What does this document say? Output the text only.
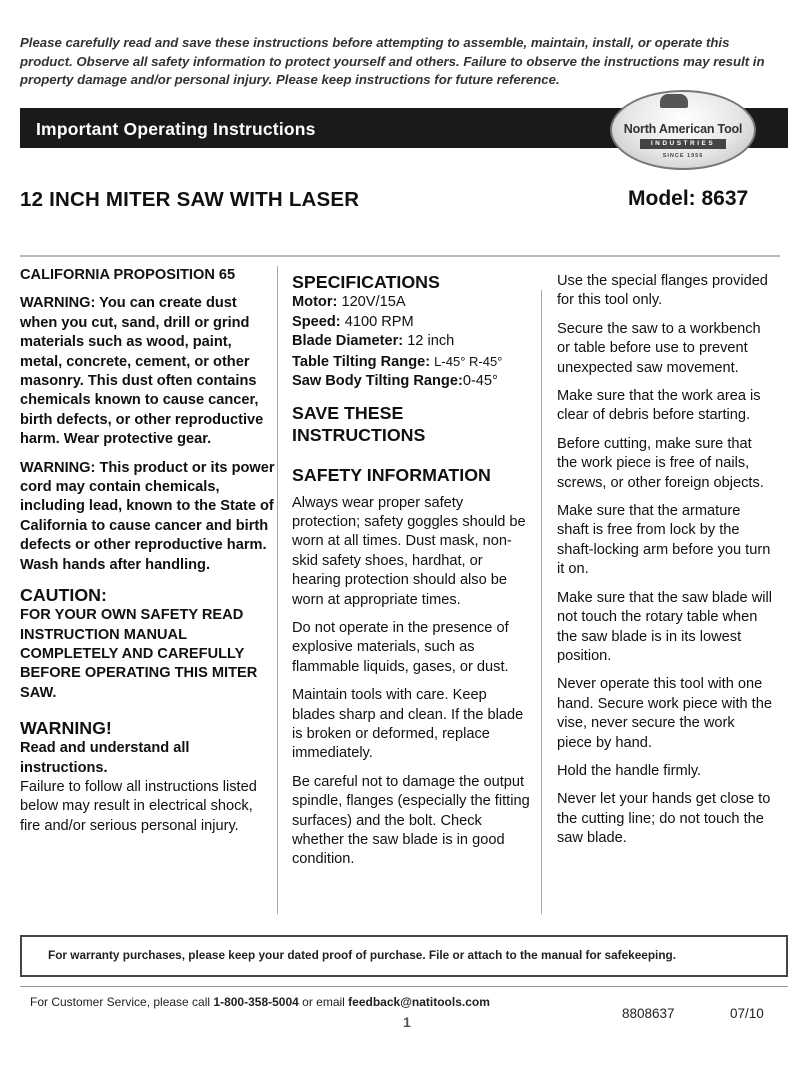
Please carefully read and save these instructions before attempting to assemble, maintain, install, or operate this product. Observe all safety information to protect yourself and others. Failure to observe the instructions may result in property damage and/or personal injury. Please keep instructions for future reference.
Important Operating Instructions	North American Tool
INDUSTRIES
SINCE 1956
12 INCH MITER SAW WITH LASER	Model: 8637

CALIFORNIA PROPOSITION 65

WARNING: You can create dust when you cut, sand, drill or grind materials such as wood, paint, metal, concrete, cement, or other masonry. This dust often contains chemicals known to cause cancer, birth defects, or other reproductive harm. Wear protective gear.

WARNING: This product or its power cord may contain chemicals, including lead, known to the State of California to cause cancer and birth defects or other reproductive harm. Wash hands after handling.

CAUTION:

FOR YOUR OWN SAFETY READ INSTRUCTION MANUAL COMPLETELY AND CAREFULLY BEFORE OPERATING THIS MITER SAW.

WARNING!
Read and understand all instructions.
Failure to follow all instructions listed below may result in electrical shock, fire and/or serious personal injury.
SPECIFICATIONS
Motor: 120V/15A
Speed: 4100 RPM
Blade Diameter: 12 inch
Table Tilting Range: L-45° R-45°
Saw Body Tilting Range:0-45°
SAVE THESE INSTRUCTIONS
SAFETY INFORMATION

Always wear proper safety protection; safety goggles should be worn at all times. Dust mask, non-skid safety shoes, hardhat, or hearing protection should also be worn at appropriate times.

Do not operate in the presence of explosive materials, such as flammable liquids, gases, or dust.

Maintain tools with care. Keep blades sharp and clean. If the blade is broken or deformed, replace immediately.

Be careful not to damage the output spindle, flanges (especially the fitting surfaces) and the bolt. Check whether the saw blade is in good condition.

Use the special flanges provided for this tool only.

Secure the saw to a workbench or table before use to prevent unexpected saw movement.

Make sure that the work area is clear of debris before starting.

Before cutting, make sure that the work piece is free of nails, screws, or other foreign objects.

Make sure that the armature shaft is free from lock by the shaft-locking arm before you turn it on.

Make sure that the saw blade will not touch the rotary table when the saw blade is in its lowest position.

Never operate this tool with one hand. Secure work piece with the vise, never secure the work piece by hand.

Hold the handle firmly.

Never let your hands get close to the cutting line; do not touch the saw blade.

For warranty purchases, please keep your dated proof of purchase. File or attach to the manual for safekeeping.
For Customer Service, please call 1-800-358-5004 or email feedback@natitools.com
1
8808637	07/10
